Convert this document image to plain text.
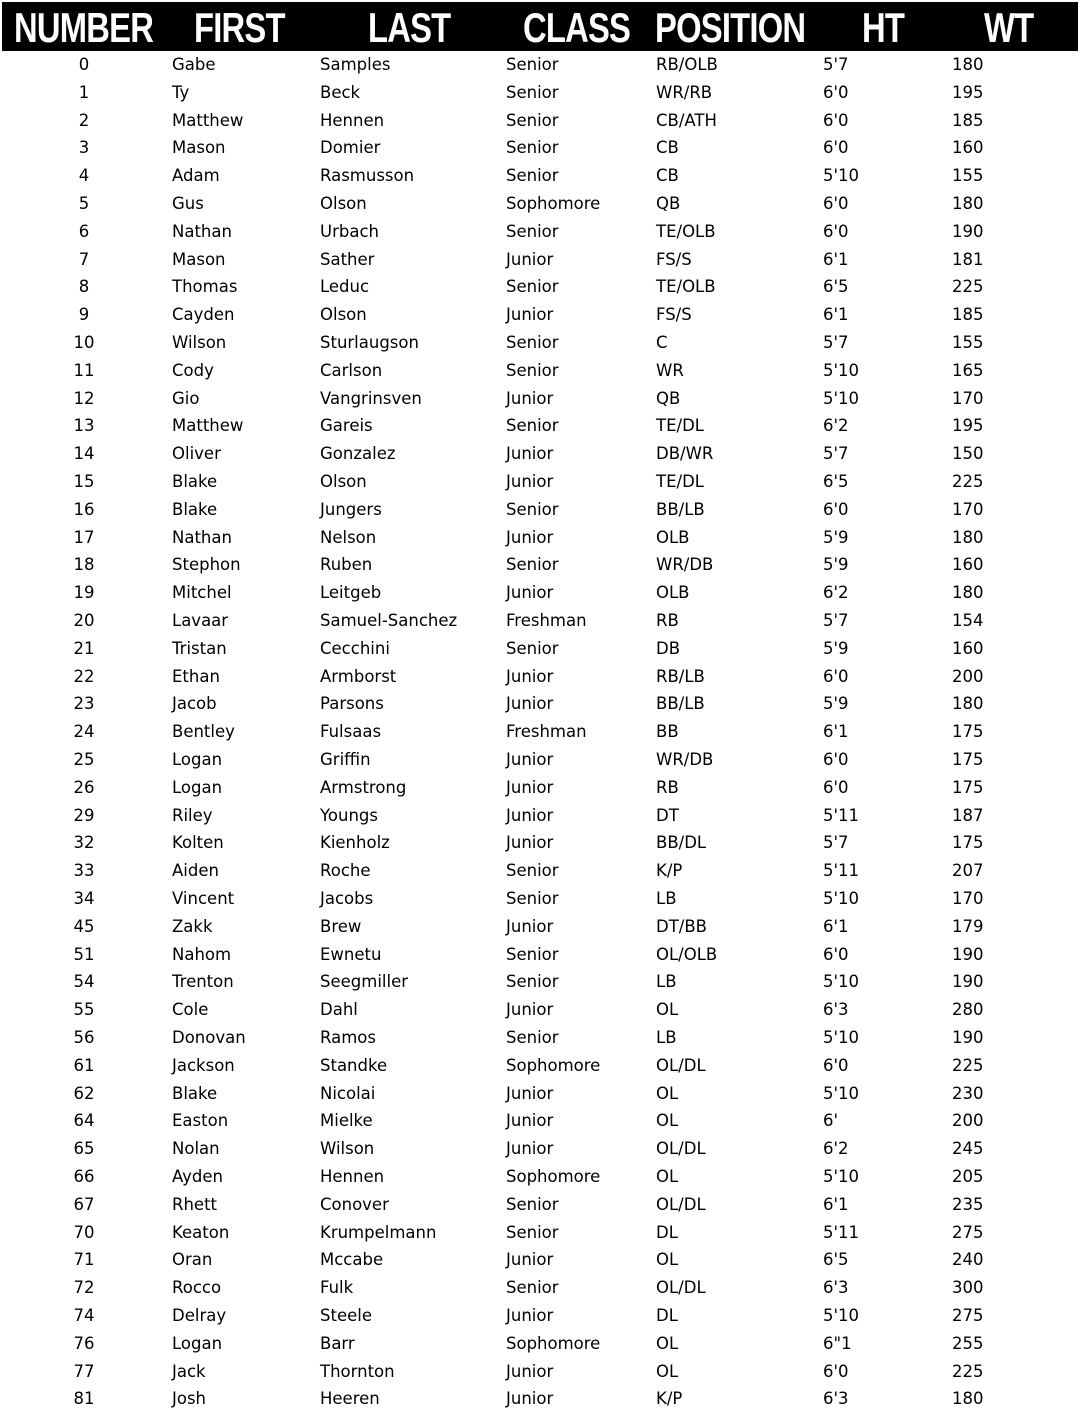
NUMBER FIRST LAST CLASS POSITION HT WT
0	Gabe	Samples	Senior	RB/OLB	5'7	180
1	Ty	Beck	Senior	WR/RB	6'0	195
2	Matthew	Hennen	Senior	CB/ATH	6'0	185
3	Mason	Domier	Senior	CB	6'0	160
4	Adam	Rasmusson	Senior	CB	5'10	155
5	Gus	Olson	Sophomore	QB	6'0	180
6	Nathan	Urbach	Senior	TE/OLB	6'0	190
7	Mason	Sather	Junior	FS/S	6'1	181
8	Thomas	Leduc	Senior	TE/OLB	6'5	225
9	Cayden	Olson	Junior	FS/S	6'1	185
10	Wilson	Sturlaugson	Senior	C	5'7	155
11	Cody	Carlson	Senior	WR	5'10	165
12	Gio	Vangrinsven	Junior	QB	5'10	170
13	Matthew	Gareis	Senior	TE/DL	6'2	195
14	Oliver	Gonzalez	Junior	DB/WR	5'7	150
15	Blake	Olson	Junior	TE/DL	6'5	225
16	Blake	Jungers	Senior	BB/LB	6'0	170
17	Nathan	Nelson	Junior	OLB	5'9	180
18	Stephon	Ruben	Senior	WR/DB	5'9	160
19	Mitchel	Leitgeb	Junior	OLB	6'2	180
20	Lavaar	Samuel-Sanchez	Freshman	RB	5'7	154
21	Tristan	Cecchini	Senior	DB	5'9	160
22	Ethan	Armborst	Junior	RB/LB	6'0	200
23	Jacob	Parsons	Junior	BB/LB	5'9	180
24	Bentley	Fulsaas	Freshman	BB	6'1	175
25	Logan	Griffin	Junior	WR/DB	6'0	175
26	Logan	Armstrong	Junior	RB	6'0	175
29	Riley	Youngs	Junior	DT	5'11	187
32	Kolten	Kienholz	Junior	BB/DL	5'7	175
33	Aiden	Roche	Senior	K/P	5'11	207
34	Vincent	Jacobs	Senior	LB	5'10	170
45	Zakk	Brew	Junior	DT/BB	6'1	179
51	Nahom	Ewnetu	Senior	OL/OLB	6'0	190
54	Trenton	Seegmiller	Senior	LB	5'10	190
55	Cole	Dahl	Junior	OL	6'3	280
56	Donovan	Ramos	Senior	LB	5'10	190
61	Jackson	Standke	Sophomore	OL/DL	6'0	225
62	Blake	Nicolai	Junior	OL	5'10	230
64	Easton	Mielke	Junior	OL	6'	200
65	Nolan	Wilson	Junior	OL/DL	6'2	245
66	Ayden	Hennen	Sophomore	OL	5'10	205
67	Rhett	Conover	Senior	OL/DL	6'1	235
70	Keaton	Krumpelmann	Senior	DL	5'11	275
71	Oran	Mccabe	Junior	OL	6'5	240
72	Rocco	Fulk	Senior	OL/DL	6'3	300
74	Delray	Steele	Junior	DL	5'10	275
76	Logan	Barr	Sophomore	OL	6"1	255
77	Jack	Thornton	Junior	OL	6'0	225
81	Josh	Heeren	Junior	K/P	6'3	180
